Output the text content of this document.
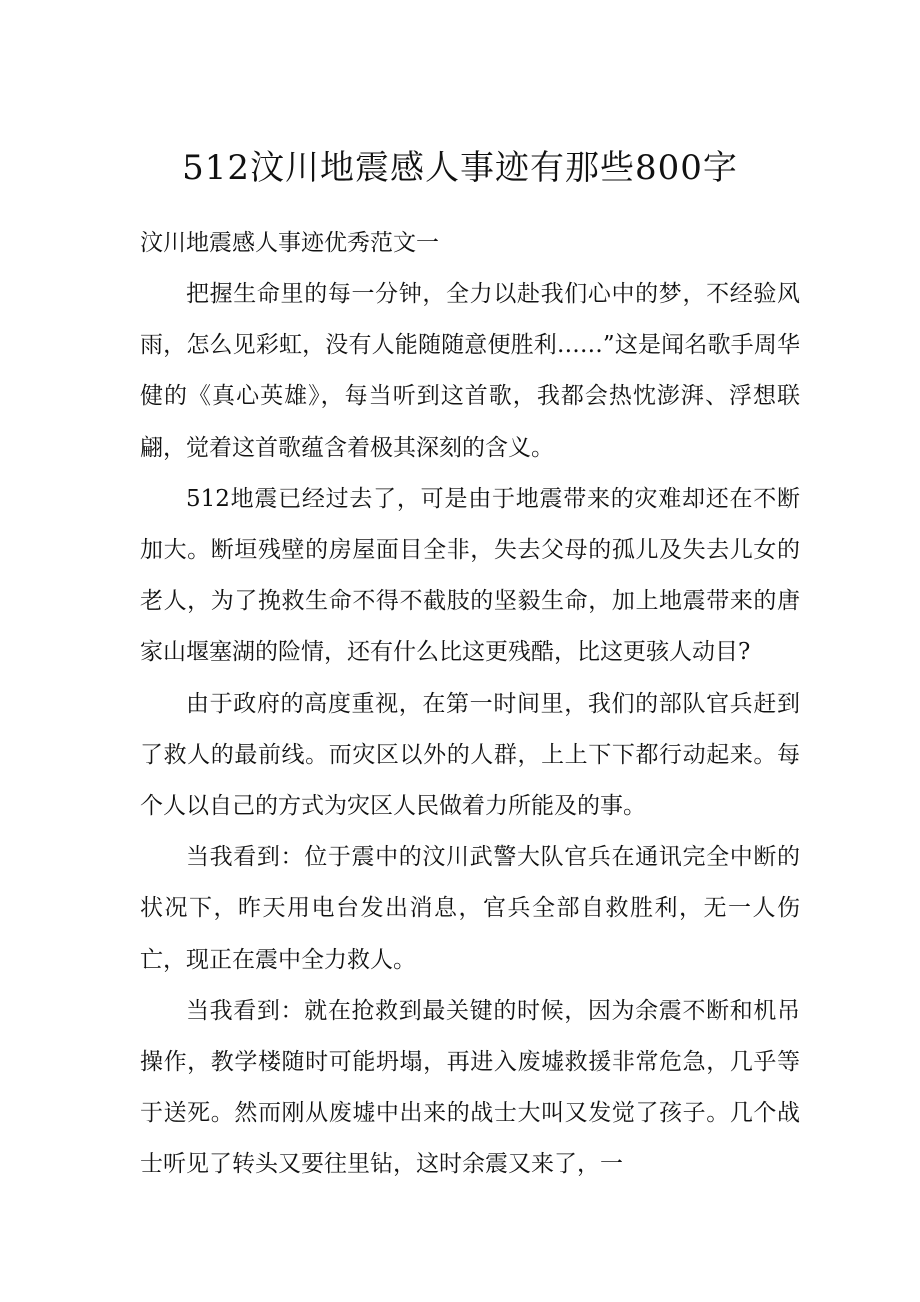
512汶川地震感人事迹有那些800字

汶川地震感人事迹优秀范文一

把握生命里的每一分钟，全力以赴我们心中的梦，不经验风雨，怎么见彩虹，没有人能随随意便胜利……”这是闻名歌手周华健的《真心英雄》，每当听到这首歌，我都会热忱澎湃、浮想联翩，觉着这首歌蕴含着极其深刻的含义。

512地震已经过去了，可是由于地震带来的灾难却还在不断加大。断垣残壁的房屋面目全非，失去父母的孤儿及失去儿女的老人，为了挽救生命不得不截肢的坚毅生命，加上地震带来的唐家山堰塞湖的险情，还有什么比这更残酷，比这更骇人动目?

由于政府的高度重视，在第一时间里，我们的部队官兵赶到了救人的最前线。而灾区以外的人群，上上下下都行动起来。每个人以自己的方式为灾区人民做着力所能及的事。

当我看到：位于震中的汶川武警大队官兵在通讯完全中断的状况下，昨天用电台发出消息，官兵全部自救胜利，无一人伤亡，现正在震中全力救人。

当我看到：就在抢救到最关键的时候，因为余震不断和机吊操作，教学楼随时可能坍塌，再进入废墟救援非常危急，几乎等于送死。然而刚从废墟中出来的战士大叫又发觉了孩子。几个战士听见了转头又要往里钻，这时余震又来了，一
